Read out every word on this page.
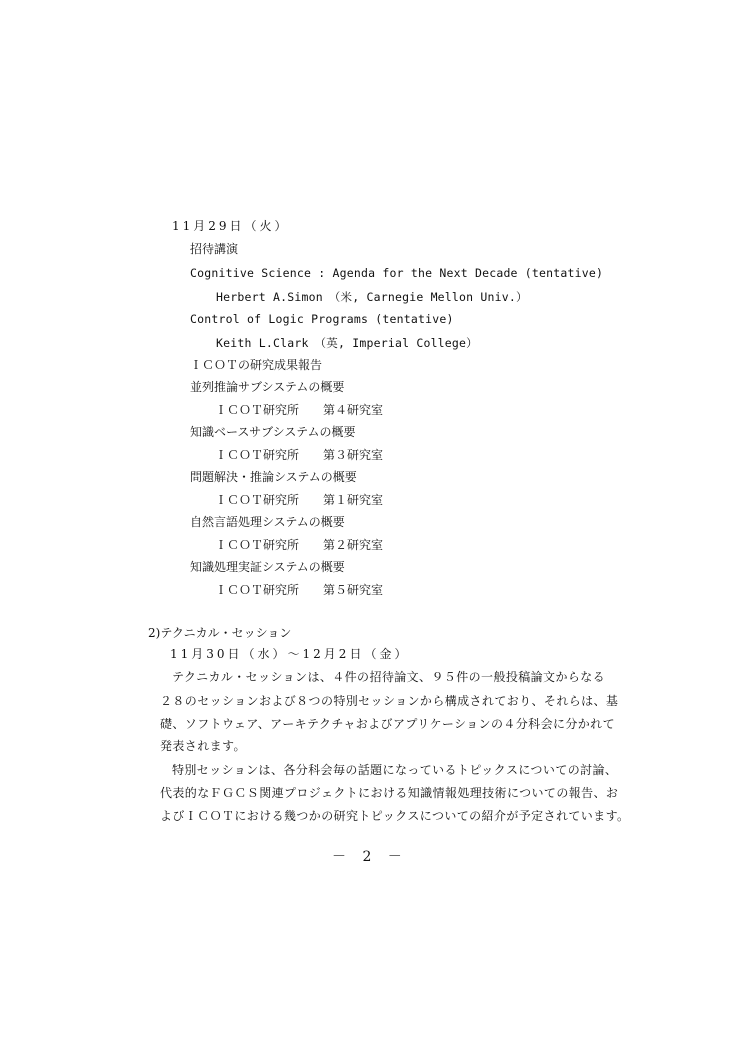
11月29日（火）
招待講演
Cognitive Science : Agenda for the Next Decade (tentative)
Herbert A.Simon　（米, Carnegie Mellon Univ.）
Control of Logic Programs (tentative)
Keith L.Clark　（英, Imperial College）
ＩＣＯＴの研究成果報告
並列推論サブシステムの概要
ＩＣＯＴ研究所　　第４研究室
知識ベースサブシステムの概要
ＩＣＯＴ研究所　　第３研究室
問題解決・推論システムの概要
ＩＣＯＴ研究所　　第１研究室
自然言語処理システムの概要
ＩＣＯＴ研究所　　第２研究室
知識処理実証システムの概要
ＩＣＯＴ研究所　　第５研究室
2)テクニカル・セッション
11月30日（水）～12月2日（金）
テクニカル・セッションは、４件の招待論文、９５件の一般投稿論文からなる
２８のセッションおよび８つの特別セッションから構成されており、それらは、基
礎、ソフトウェア、アーキテクチャおよびアプリケーションの４分科会に分かれて
発表されます。
特別セッションは、各分科会毎の話題になっているトピックスについての討論、
代表的なＦＧＣＳ関連プロジェクトにおける知識情報処理技術についての報告、お
よびＩＣＯＴにおける幾つかの研究トピックスについての紹介が予定されています。
－ 2 －
